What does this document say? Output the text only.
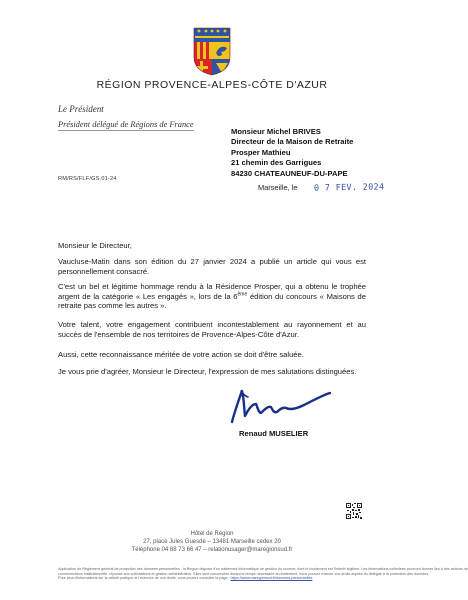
RÉGION PROVENCE-ALPES-CÔTE D'AZUR
Le Président
Président délégué de Régions de France
Monsieur Michel BRIVES
Directeur de la Maison de Retraite
Prosper Mathieu
21 chemin des Garrigues
84230 CHATEAUNEUF-DU-PAPE
RM/RS/FLF/GS.01-24
Marseille, le 0 7 FEV. 2024
Monsieur le Directeur,
Vaucluse-Matin dans son édition du 27 janvier 2024 a publié un article qui vous est personnellement consacré.
C'est un bel et légitime hommage rendu à la Résidence Prosper, qui a obtenu le trophée argent de la catégorie « Les engagés », lors de la 6ème édition du concours « Maisons de retraite pas comme les autres ».
Votre talent, votre engagement contribuent incontestablement au rayonnement et au succès de l'ensemble de nos territoires de Provence-Alpes-Côte d'Azur.
Aussi, cette reconnaissance méritée de votre action se doit d'être saluée.
Je vous prie d'agréer, Monsieur le Directeur, l'expression de mes salutations distinguées.
Renaud MUSELIER
Hôtel de Région
27, place Jules Guesde – 13481 Marseille cedex 20
Téléphone 04 88 73 66 47 – relationusager@maregionsud.fr
Application du Règlement général de protection des données personnelles : la Région dispose d'un traitement informatique de gestion du courrier, dont le fondement est l'intérêt légitime. Les informations collectées pourront donner lieu à des actions de
communication institutionnelle, réponse aux sollicitations et gestion administrative. Elles sont conservées durant le temps nécessaire au traitement. Vous pouvez exercer vos droits auprès du délégué à la protection des données.
Pour plus d'informations sur la cellule pratique et l'exercice de vos droits, vous pouvez consulter la page : https://www.maregionsud.fr/donnees-personnelles
